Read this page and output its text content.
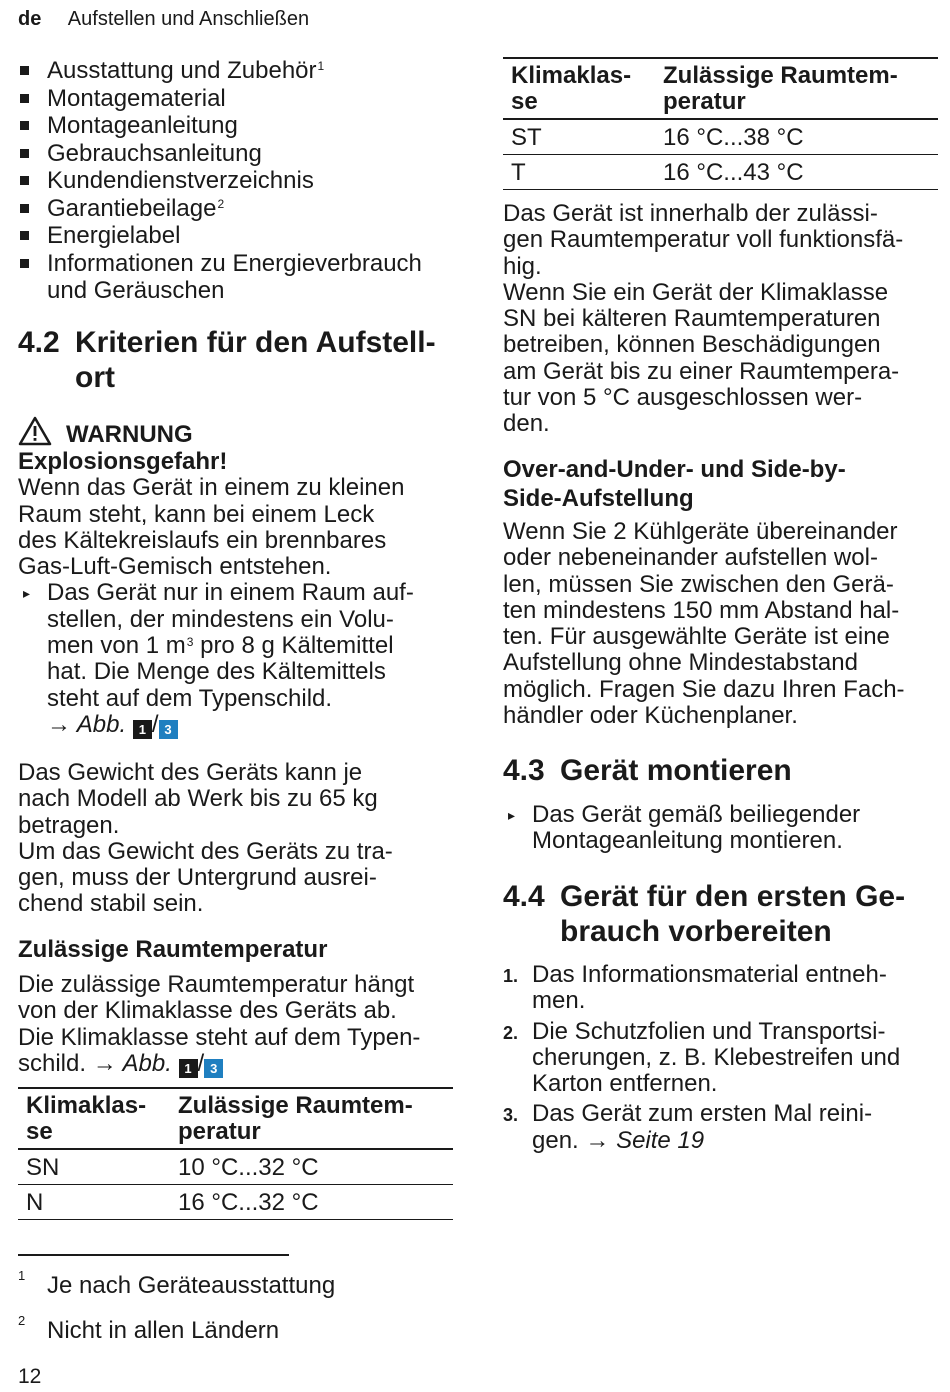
de Aufstellen und Anschließen
Ausstattung und Zubehör$^1$
Montagematerial
Montageanleitung
Gebrauchsanleitung
Kundendienstverzeichnis
Garantiebeilage$^2$
Energielabel
Informationen zu Energieverbrauch
und Geräuschen
4.2 Kriterien für den Aufstell-
ort
WARNUNG
Explosionsgefahr!
Wenn das Gerät in einem zu kleinen
Raum steht, kann bei einem Leck
des Kältekreislaufs ein brennbares
Gas-Luft-Gemisch entstehen.
▸ Das Gerät nur in einem Raum auf-
stellen, der mindestens ein Volu-
men von 1 $m^3$ pro 8 g Kältemittel
hat. Die Menge des Kältemittels
steht auf dem Typenschild.
→ Abb. 1 / 3
Das Gewicht des Geräts kann je
nach Modell ab Werk bis zu 65 kg
betragen.
Um das Gewicht des Geräts zu tra-
gen, muss der Untergrund ausrei-
chend stabil sein.
Zulässige Raumtemperatur
Die zulässige Raumtemperatur hängt
von der Klimaklasse des Geräts ab.
Die Klimaklasse steht auf dem Typen-
schild. → Abb. 1 / 3
Klimaklas-
se	Zulässige Raumtem-
peratur
SN	10 °C...32 °C
N	16 °C...32 °C
Klimaklas-
se	Zulässige Raumtem-
peratur
ST	16 °C...38 °C
T	16 °C...43 °C
Das Gerät ist innerhalb der zulässi-
gen Raumtemperatur voll funktionsfä-
hig.
Wenn Sie ein Gerät der Klimaklasse
SN bei kälteren Raumtemperaturen
betreiben, können Beschädigungen
am Gerät bis zu einer Raumtempera-
tur von 5 °C ausgeschlossen wer-
den.
Over-and-Under- und Side-by-
Side-Aufstellung
Wenn Sie 2 Kühlgeräte übereinander
oder nebeneinander aufstellen wol-
len, müssen Sie zwischen den Gerä-
ten mindestens 150 mm Abstand hal-
ten. Für ausgewählte Geräte ist eine
Aufstellung ohne Mindestabstand
möglich. Fragen Sie dazu Ihren Fach-
händler oder Küchenplaner.
4.3 Gerät montieren
▸ Das Gerät gemäß beiliegender
Montageanleitung montieren.
4.4 Gerät für den ersten Ge-
brauch vorbereiten
1. Das Informationsmaterial entneh-
men.
2. Die Schutzfolien und Transportsi-
cherungen, z. B. Klebestreifen und
Karton entfernen.
3. Das Gerät zum ersten Mal reini-
gen. → Seite 19
1 Je nach Geräteausstattung
2 Nicht in allen Ländern
12
